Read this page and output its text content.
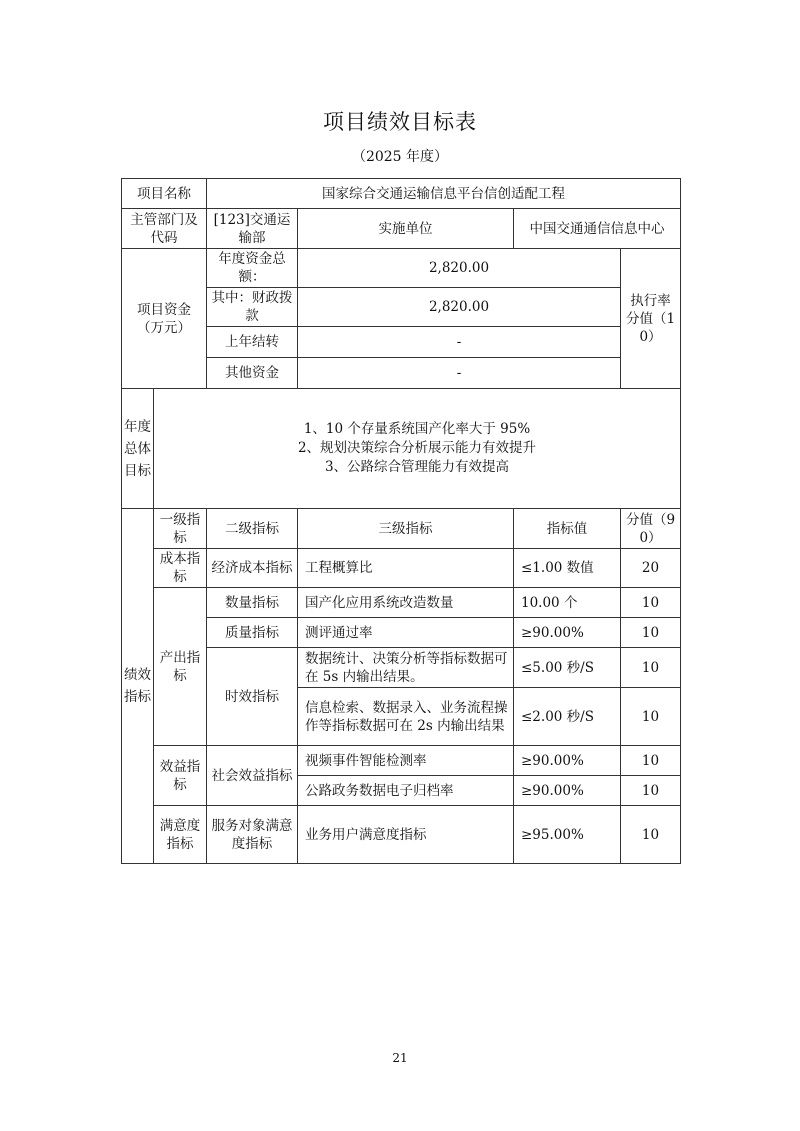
项目绩效目标表
（2025 年度）
项目名称		国家综合交通运输信息平台信创适配工程			
主管部门及代码		[123]交通运输部	实施单位	中国交通通信信息中心	
项目资金（万元）		年度资金总额：	2,820.00		执行率分值（10）
		其中：财政拨款	2,820.00		
		上年结转	-		
		其他资金	-		
年度总体目标	1、10 个存量系统国产化率大于 95%
2、规划决策综合分析展示能力有效提升
3、公路综合管理能力有效提高				

绩效指标	一级指标	二级指标	三级指标	指标值	分值（90）
	成本指标	经济成本指标	工程概算比	≤1.00 数值	20
	产出指标	数量指标	国产化应用系统改造数量	10.00 个	10
		质量指标	测评通过率	≥90.00%	10
		时效指标	数据统计、决策分析等指标数据可在 5s 内输出结果。	≤5.00 秒/S	10
			信息检索、数据录入、业务流程操作等指标数据可在 2s 内输出结果	≤2.00 秒/S	10
	效益指标	社会效益指标	视频事件智能检测率	≥90.00%	10
			公路政务数据电子归档率	≥90.00%	10
	满意度指标	服务对象满意度指标	业务用户满意度指标	≥95.00%	10
21
